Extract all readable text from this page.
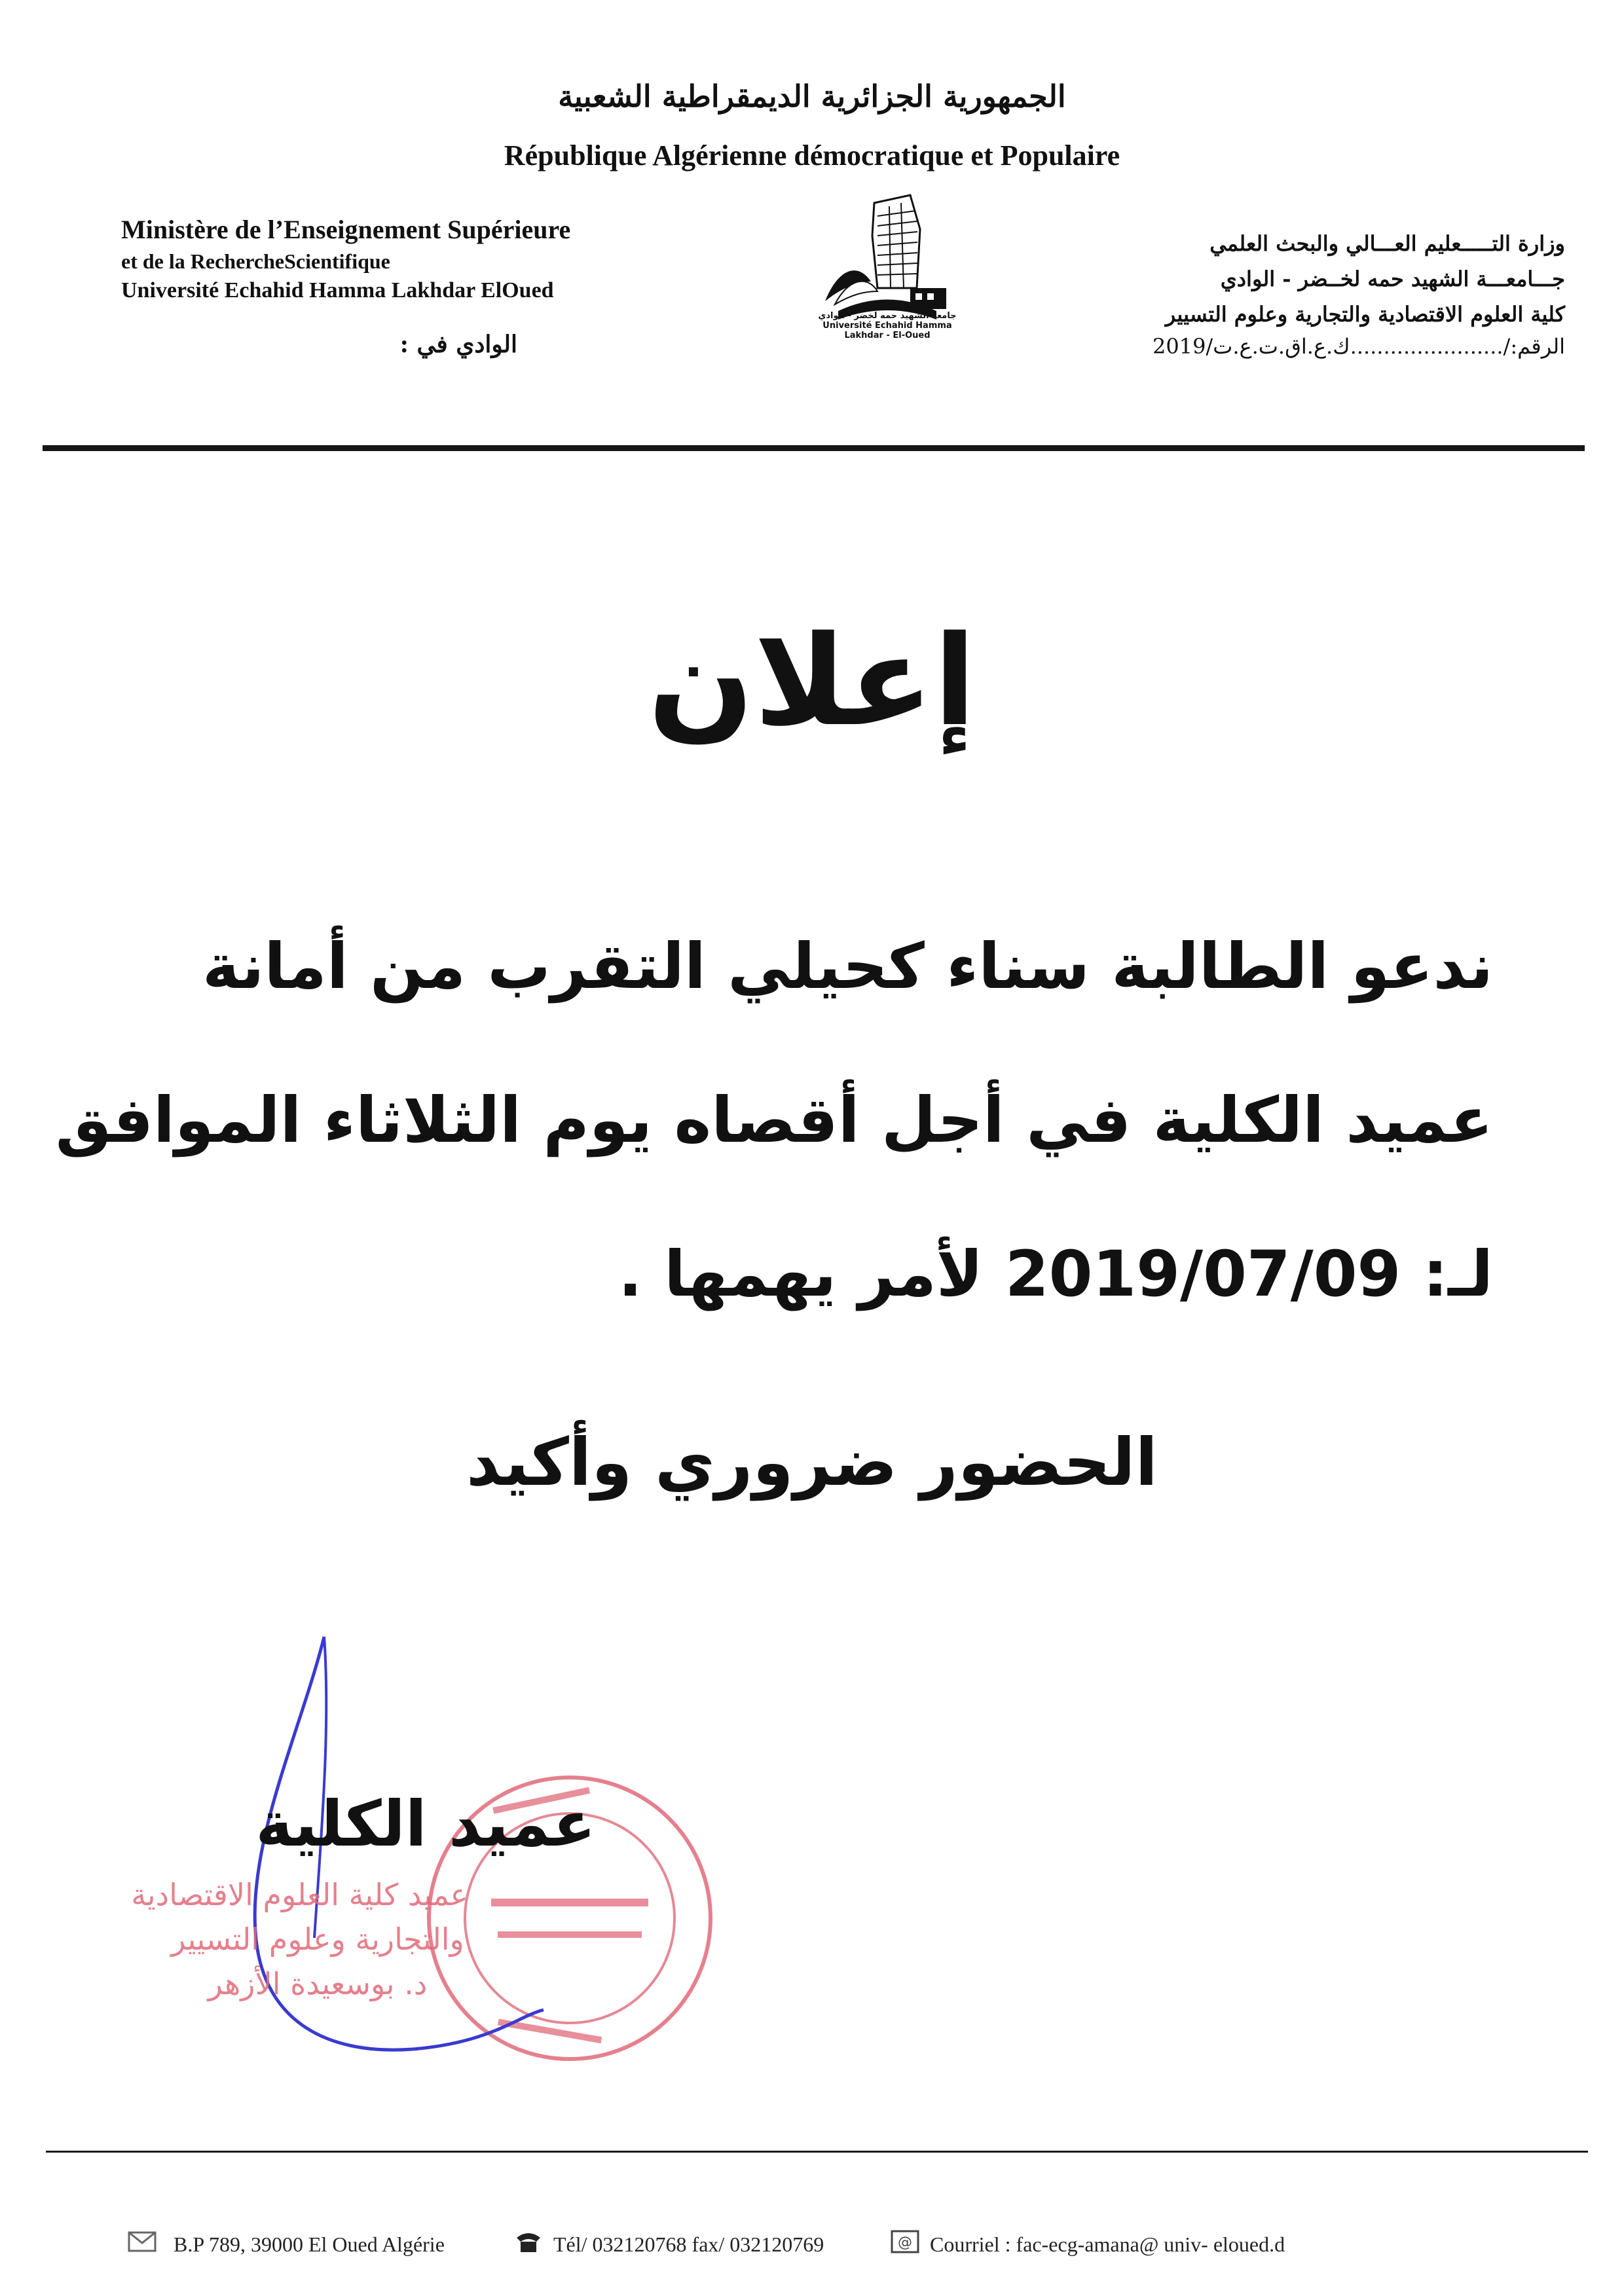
الجمهورية الجزائرية الديمقراطية الشعبية
République Algérienne démocratique et Populaire
Ministère de l’Enseignement Supérieure
et de la RechercheScientifique
Université Echahid Hamma Lakhdar ElOued
الوادي في :
وزارة التـــــعليم العـــالي والبحث العلمي
جـــامعـــة الشهيد حمه لخــضر - الوادي
كلية العلوم الاقتصادية والتجارية وعلوم التسيير
الرقم:/.......................ك.ع.اق.ت.ع.ت/2019
جامعة الشهيد حمه لخضر - الوادي
Université Echahid Hamma Lakhdar - El-Oued
إعلان
ندعو الطالبة سناء كحيلي التقرب من أمانة
عميد الكلية في أجل أقصاه يوم الثلاثاء الموافق
لـ: 2019/07/09 لأمر يهمها .
الحضور ضروري وأكيد
عميد كلية العلوم الاقتصادية
والتجارية وعلوم التسيير
د. بوسعيدة الأزهر
عميد الكلية
B.P 789, 39000 El Oued Algérie	Tél/ 032120768 fax/ 032120769	@ Courriel : fac-ecg-amana@ univ- eloued.d
